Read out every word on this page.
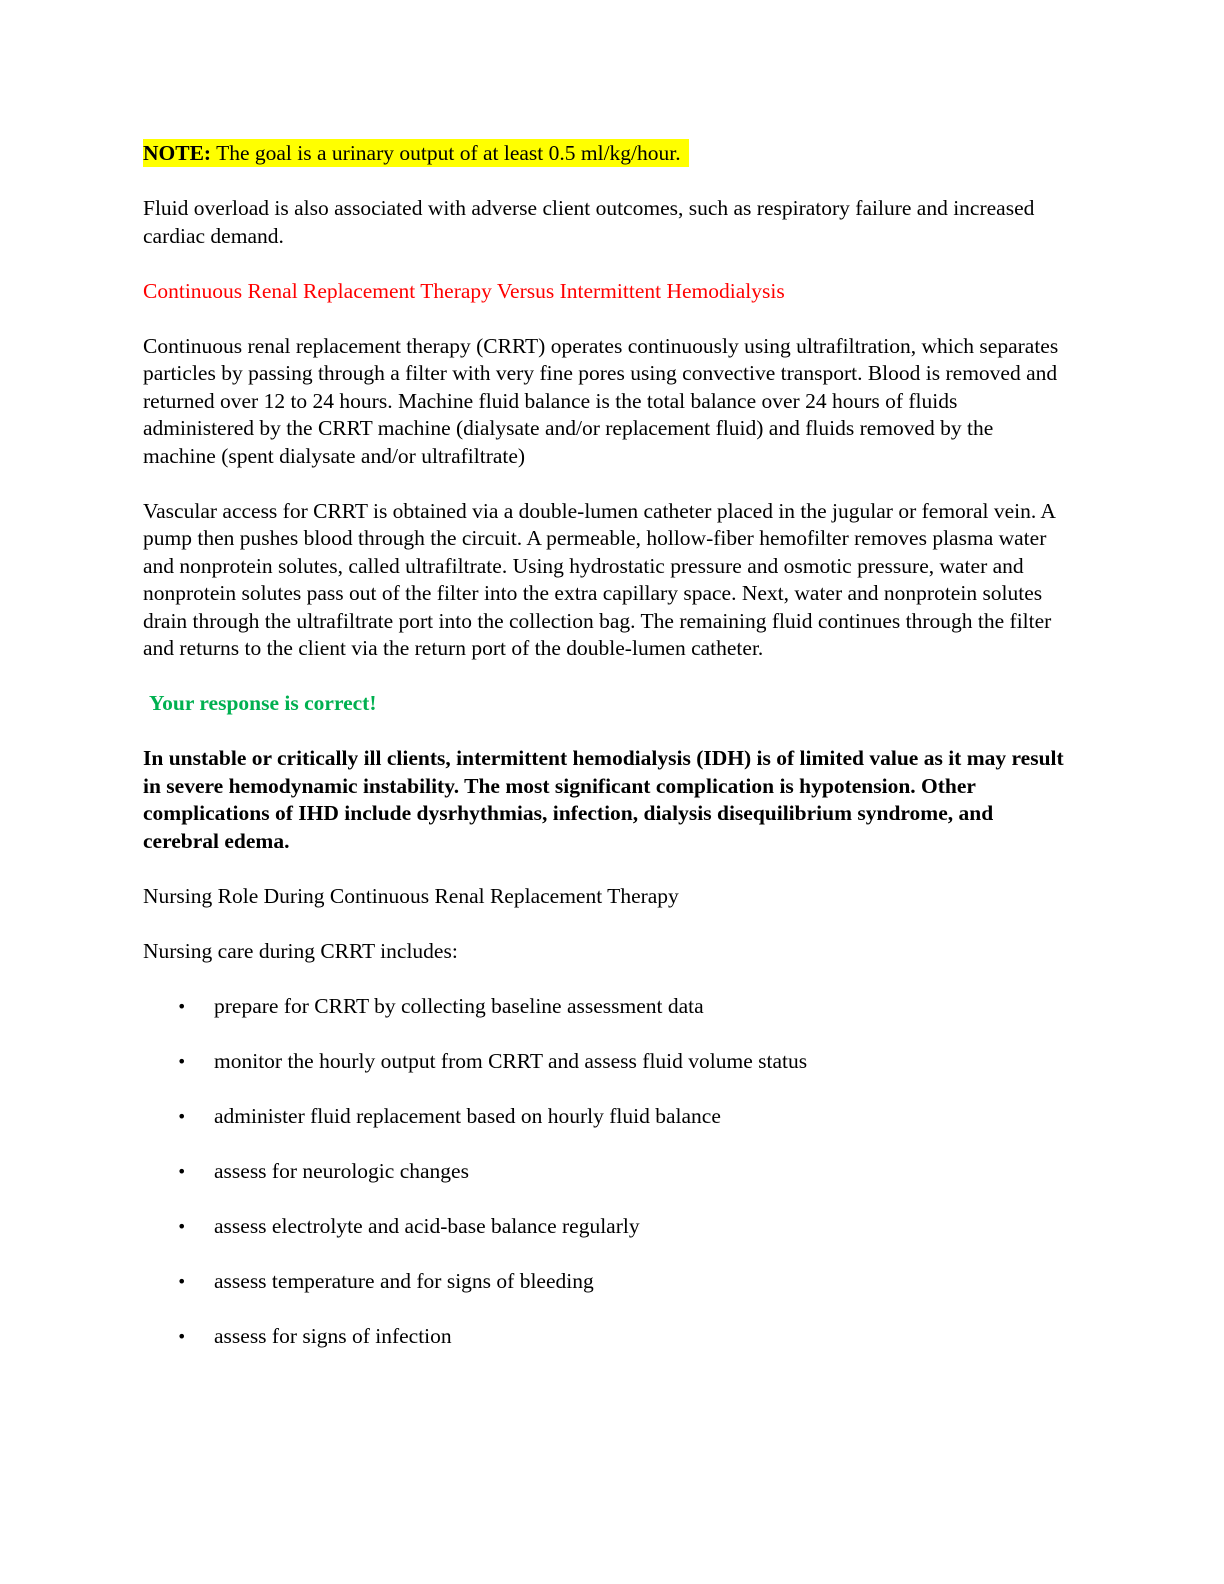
NOTE: The goal is a urinary output of at least 0.5 ml/kg/hour.

Fluid overload is also associated with adverse client outcomes, such as respiratory failure and increased cardiac demand.

Continuous Renal Replacement Therapy Versus Intermittent Hemodialysis

Continuous renal replacement therapy (CRRT) operates continuously using ultrafiltration, which separates particles by passing through a filter with very fine pores using convective transport. Blood is removed and returned over 12 to 24 hours. Machine fluid balance is the total balance over 24 hours of fluids administered by the CRRT machine (dialysate and/or replacement fluid) and fluids removed by the machine (spent dialysate and/or ultrafiltrate)

Vascular access for CRRT is obtained via a double-lumen catheter placed in the jugular or femoral vein. A pump then pushes blood through the circuit. A permeable, hollow-fiber hemofilter removes plasma water and nonprotein solutes, called ultrafiltrate. Using hydrostatic pressure and osmotic pressure, water and nonprotein solutes pass out of the filter into the extra capillary space. Next, water and nonprotein solutes drain through the ultrafiltrate port into the collection bag. The remaining fluid continues through the filter and returns to the client via the return port of the double-lumen catheter.

Your response is correct!

In unstable or critically ill clients, intermittent hemodialysis (IDH) is of limited value as it may result in severe hemodynamic instability. The most significant complication is hypotension. Other complications of IHD include dysrhythmias, infection, dialysis disequilibrium syndrome, and cerebral edema.

Nursing Role During Continuous Renal Replacement Therapy

Nursing care during CRRT includes:

• prepare for CRRT by collecting baseline assessment data
• monitor the hourly output from CRRT and assess fluid volume status
• administer fluid replacement based on hourly fluid balance
• assess for neurologic changes
• assess electrolyte and acid-base balance regularly
• assess temperature and for signs of bleeding
• assess for signs of infection
